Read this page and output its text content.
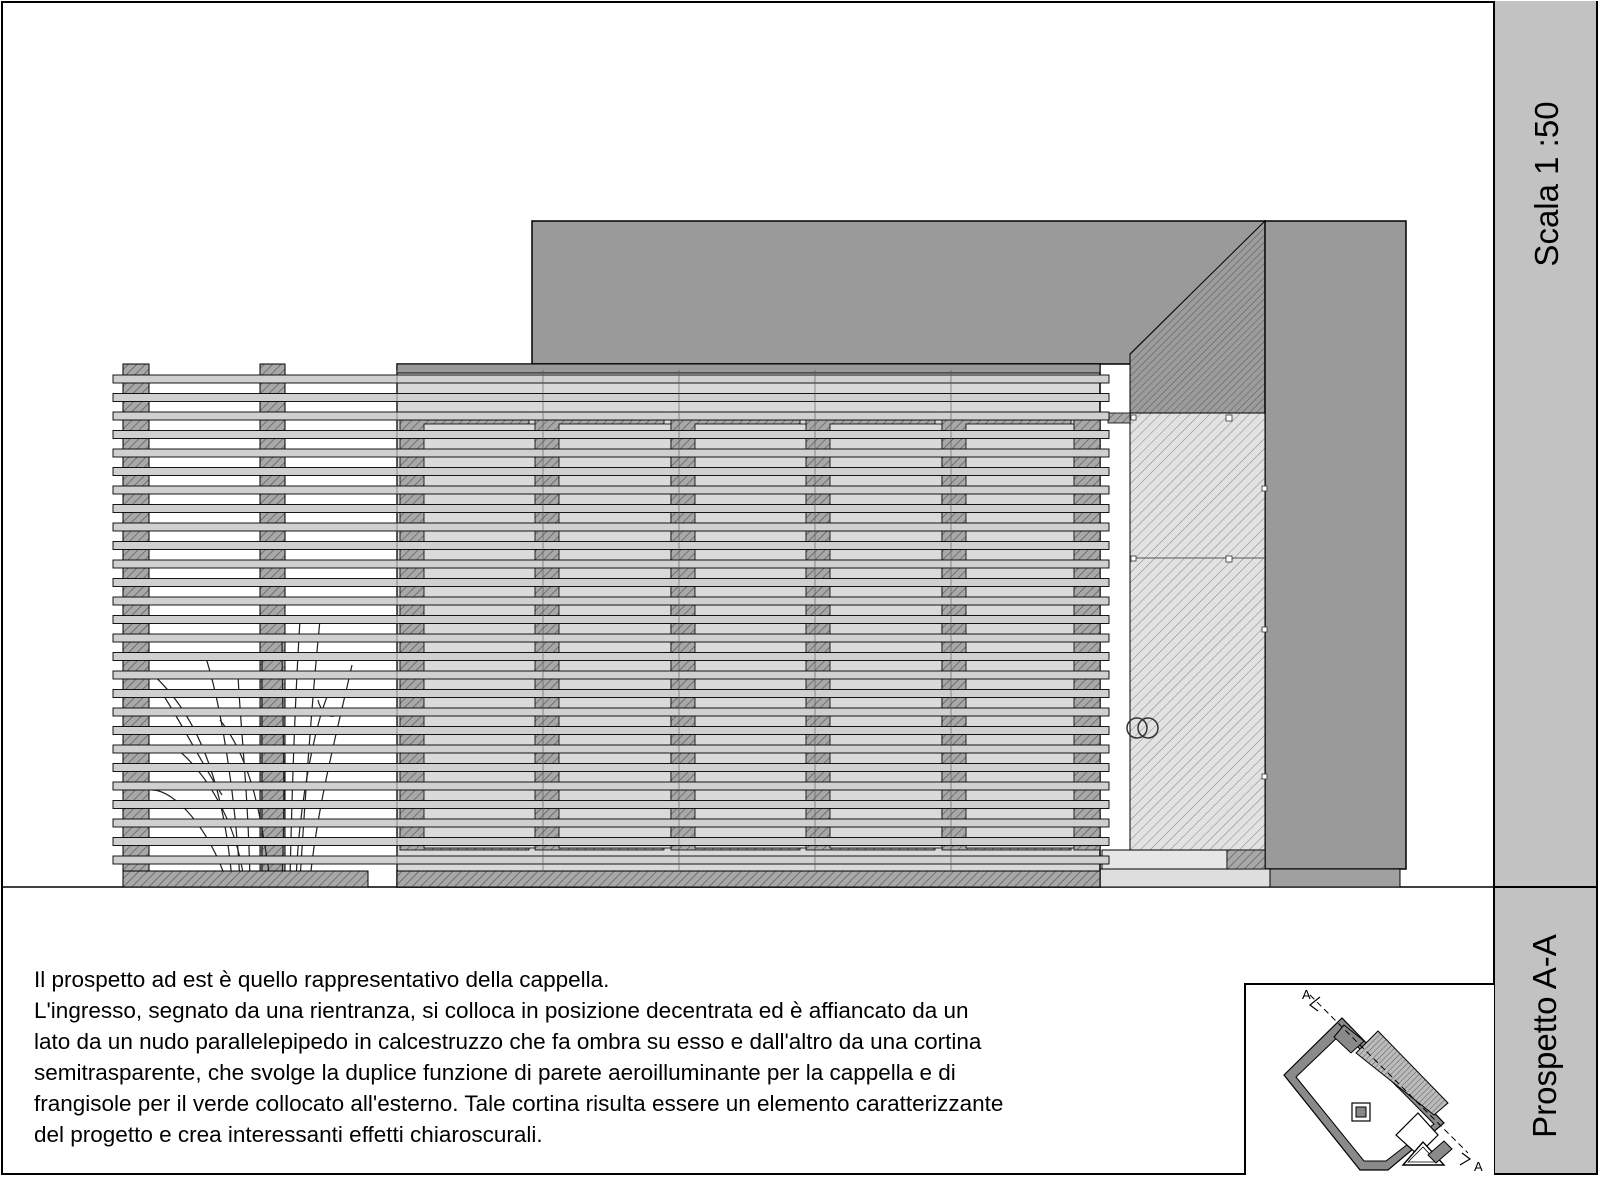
Scala 1 :50
Prospetto A-A

Il prospetto ad est è quello rappresentativo della cappella.

L'ingresso, segnato da una rientranza, si colloca in posizione decentrata ed è affiancato da un

lato da un nudo parallelepipedo in calcestruzzo che fa ombra su esso e dall'altro da una cortina

semitrasparente, che svolge la duplice funzione di parete aeroilluminante per la cappella e di

frangisole per il verde collocato all'esterno. Tale cortina risulta essere un elemento caratterizzante

del progetto e crea interessanti effetti chiaroscurali.

A
A
